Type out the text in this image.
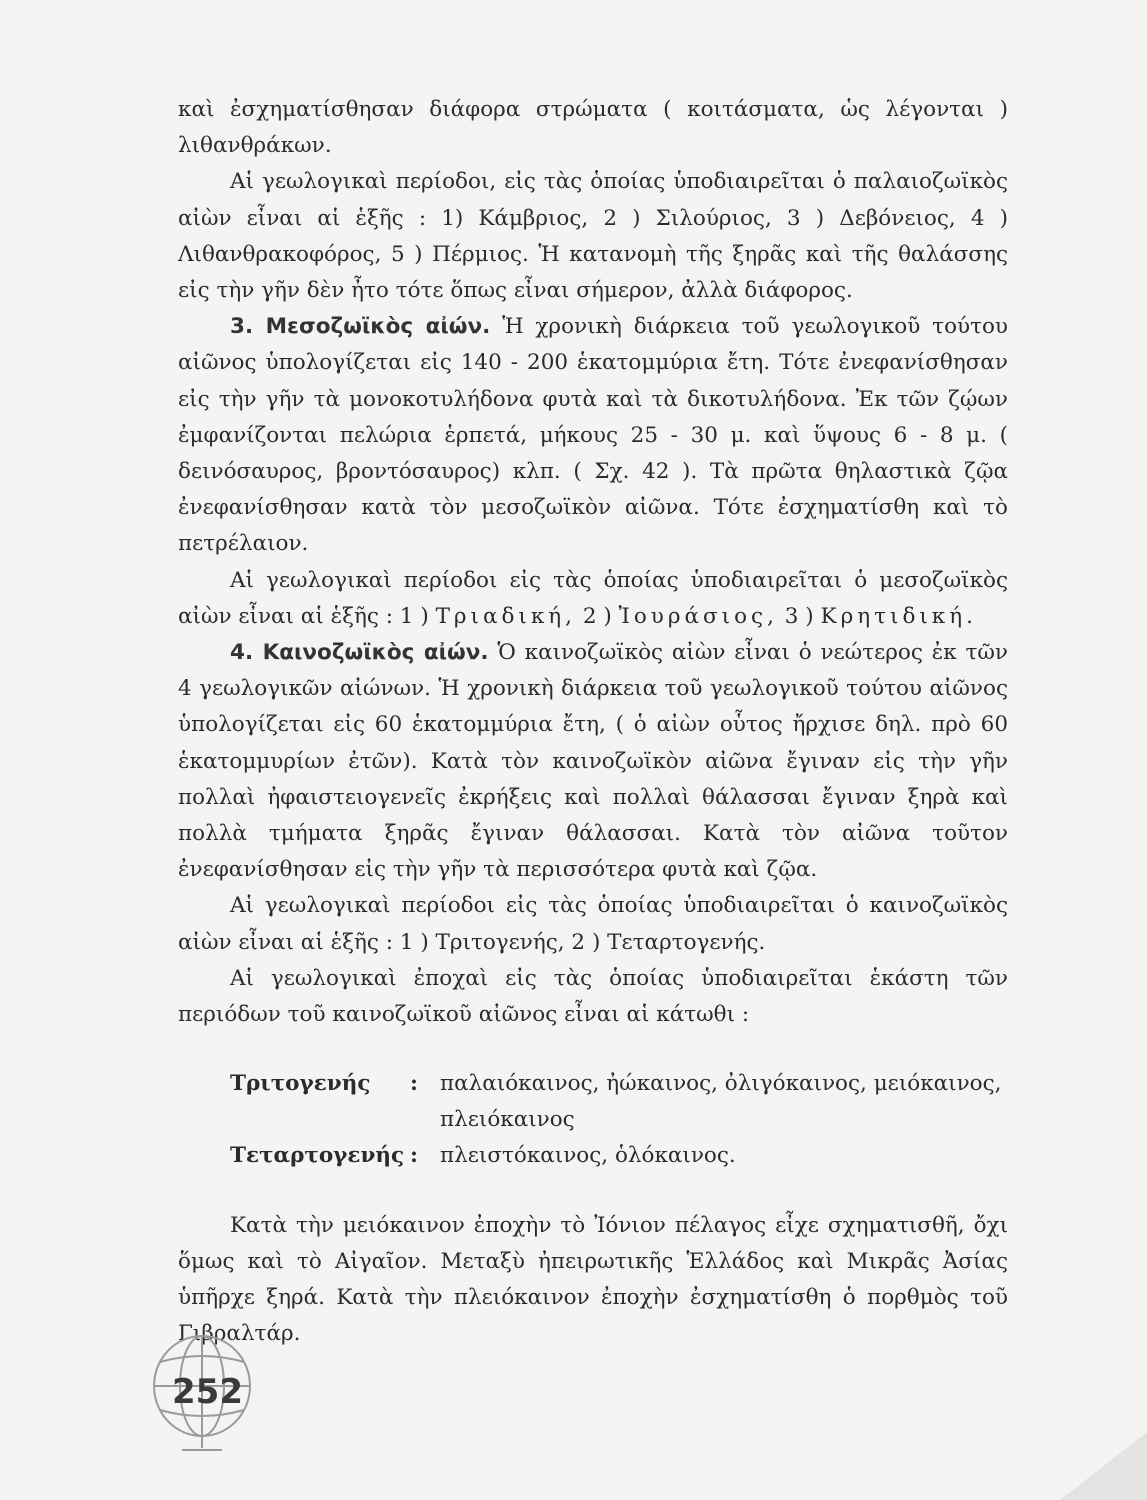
καὶ ἐσχηματίσθησαν διάφορα στρώματα ( κοιτάσματα, ὡς λέγονται ) λιθανθράκων.

Αἱ γεωλογικαὶ περίοδοι, εἰς τὰς ὁποίας ὑποδιαιρεῖται ὁ παλαιοζωϊκὸς αἰὼν εἶναι αἱ ἑξῆς : 1) Κάμβριος, 2 ) Σιλούριος, 3 ) Δεβόνειος, 4 ) Λιθανθρακοφόρος, 5 ) Πέρμιος. Ἡ κατανομὴ τῆς ξηρᾶς καὶ τῆς θαλάσσης εἰς τὴν γῆν δὲν ἦτο τότε ὅπως εἶναι σήμερον, ἀλλὰ διάφορος.

3. Μεσοζωϊκὸς αἰών. Ἡ χρονικὴ διάρκεια τοῦ γεωλογικοῦ τούτου αἰῶνος ὑπολογίζεται εἰς 140 - 200 ἑκατομμύρια ἔτη. Τότε ἐνεφανίσθησαν εἰς τὴν γῆν τὰ μονοκοτυλήδονα φυτὰ καὶ τὰ δικοτυλήδονα. Ἐκ τῶν ζῴων ἐμφανίζονται πελώρια ἑρπετά, μήκους 25 - 30 μ. καὶ ὕψους 6 - 8 μ. ( δεινόσαυρος, βροντόσαυρος) κλπ. ( Σχ. 42 ). Τὰ πρῶτα θηλαστικὰ ζῷα ἐνεφανίσθησαν κατὰ τὸν μεσοζωϊκὸν αἰῶνα. Τότε ἐσχηματίσθη καὶ τὸ πετρέλαιον.

Αἱ γεωλογικαὶ περίοδοι εἰς τὰς ὁποίας ὑποδιαιρεῖται ὁ μεσοζωϊκὸς αἰὼν εἶναι αἱ ἑξῆς : 1 ) Τριαδική, 2 ) Ἰουράσιος, 3 ) Κρητιδική.

4. Καινοζωϊκὸς αἰών. Ὁ καινοζωϊκὸς αἰὼν εἶναι ὁ νεώτερος ἐκ τῶν 4 γεωλογικῶν αἰώνων. Ἡ χρονικὴ διάρκεια τοῦ γεωλογικοῦ τούτου αἰῶνος ὑπολογίζεται εἰς 60 ἑκατομμύρια ἔτη, ( ὁ αἰὼν οὗτος ἤρχισε δηλ. πρὸ 60 ἑκατομμυρίων ἐτῶν). Κατὰ τὸν καινοζωϊκὸν αἰῶνα ἔγιναν εἰς τὴν γῆν πολλαὶ ἠφαιστειογενεῖς ἐκρήξεις καὶ πολλαὶ θάλασσαι ἔγιναν ξηρὰ καὶ πολλὰ τμήματα ξηρᾶς ἔγιναν θάλασσαι. Κατὰ τὸν αἰῶνα τοῦτον ἐνεφανίσθησαν εἰς τὴν γῆν τὰ περισσότερα φυτὰ καὶ ζῷα.

Αἱ γεωλογικαὶ περίοδοι εἰς τὰς ὁποίας ὑποδιαιρεῖται ὁ καινοζωϊκὸς αἰὼν εἶναι αἱ ἑξῆς : 1 ) Τριτογενής, 2 ) Τεταρτογενής.

Αἱ γεωλογικαὶ ἐποχαὶ εἰς τὰς ὁποίας ὑποδιαιρεῖται ἑκάστη τῶν περιόδων τοῦ καινοζωϊκοῦ αἰῶνος εἶναι αἱ κάτωθι :

Τριτογενής	:	παλαιόκαινος, ἠώκαινος, ὀλιγόκαινος, μειόκαινος, πλειόκαινος
Τεταρτογενής :	πλειστόκαινος, ὁλόκαινος.

Κατὰ τὴν μειόκαινον ἐποχὴν τὸ Ἰόνιον πέλαγος εἶχε σχηματισθῆ, ὄχι ὅμως καὶ τὸ Αἰγαῖον. Μεταξὺ ἠπειρωτικῆς Ἑλλάδος καὶ Μικρᾶς Ἀσίας ὑπῆρχε ξηρά. Κατὰ τὴν πλειόκαινον ἐποχὴν ἐσχηματίσθη ὁ πορθμὸς τοῦ Γιβραλτάρ.

252
